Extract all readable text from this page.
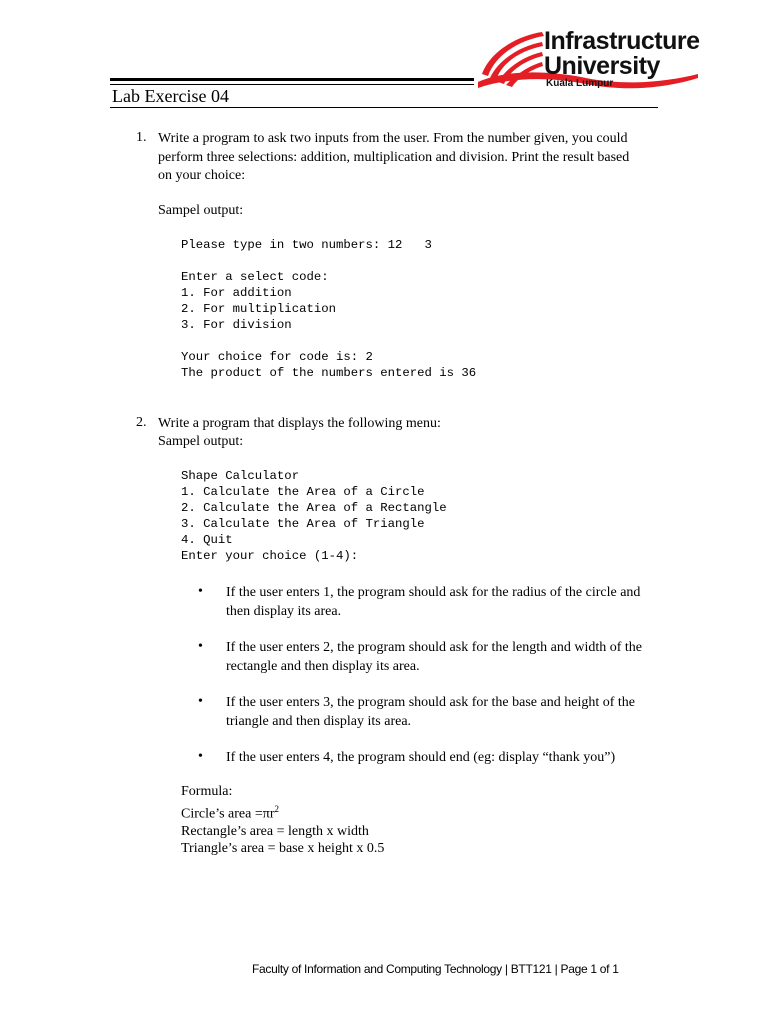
Infrastructure
University
Kuala Lumpur
Lab Exercise 04
1. Write a program to ask two inputs from the user. From the number given, you could perform three selections: addition, multiplication and division. Print the result based on your choice:
Sampel output:
Please type in two numbers: 12   3

Enter a select code:
1. For addition
2. For multiplication
3. For division

Your choice for code is: 2
The product of the numbers entered is 36
2. Write a program that displays the following menu:
Sampel output:
Shape Calculator
1. Calculate the Area of a Circle
2. Calculate the Area of a Rectangle
3. Calculate the Area of Triangle
4. Quit
Enter your choice (1-4):
• If the user enters 1, the program should ask for the radius of the circle and then display its area.
• If the user enters 2, the program should ask for the length and width of the rectangle and then display its area.
• If the user enters 3, the program should ask for the base and height of the triangle and then display its area.
• If the user enters 4, the program should end (eg: display “thank you”)
Formula:
Circle’s area $=\pi r^2$
Rectangle’s area = length x width
Triangle’s area = base x height x 0.5
Faculty of Information and Computing Technology | BTT121 | Page 1 of 1
